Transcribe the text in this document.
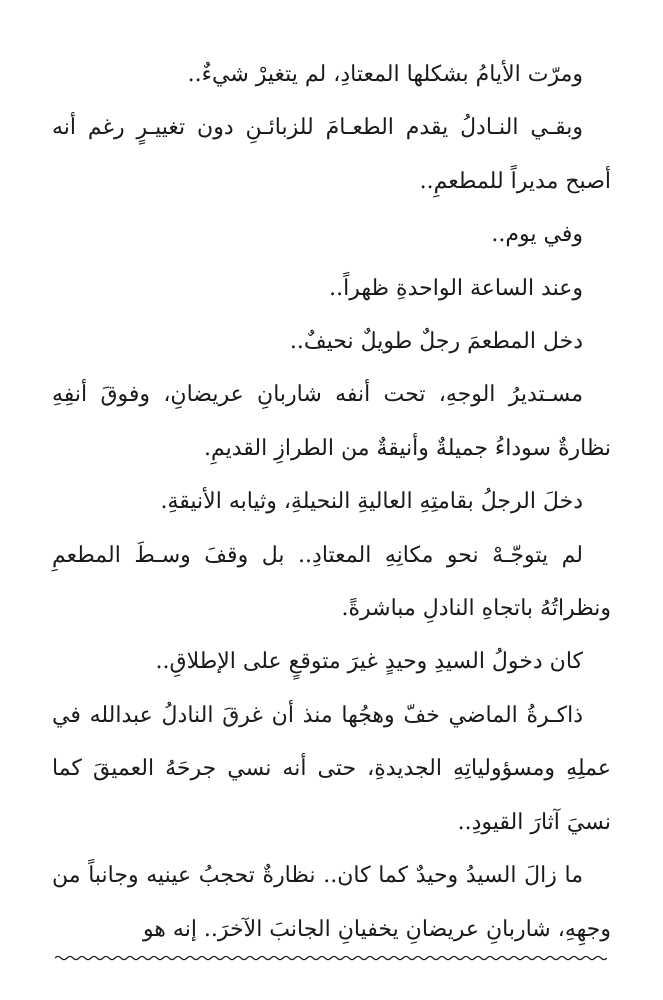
ومرّت الأيامُ بشكلها المعتادِ، لم يتغيرْ شيءٌ..

وبقـي النـادلُ يقدم الطعـامَ للزبائـنِ دون تغييـرٍ رغم أنه أصبح مديراً للمطعمِ..

وفي يوم..

وعند الساعة الواحدةِ ظهراً..

دخل المطعمَ رجلٌ طويلٌ نحيفٌ..

مسـتديرُ الوجهِ، تحت أنفه شاربانِ عريضانِ، وفوقَ أنفِهِ نظارةٌ سوداءُ جميلةٌ وأنيقةٌ من الطرازِ القديمِ.

دخلَ الرجلُ بقامتِهِ العاليةِ النحيلةِ، وثيابه الأنيقةِ.

لم يتوجّـهْ نحو مكانِهِ المعتادِ.. بل وقفَ وسـطَ المطعمِ ونظراتُهُ باتجاهِ النادلِ مباشرةً.

كان دخولُ السيدِ وحيدٍ غيرَ متوقعٍ على الإطلاقِ..

ذاكـرةُ الماضي خفّ وهجُها منذ أن غرقَ النادلُ عبدالله في عملِهِ ومسؤولياتِهِ الجديدةِ، حتى أنه نسي جرحَهُ العميقَ كما نسيَ آثارَ القيودِ..

ما زالَ السيدُ وحيدٌ كما كان.. نظارةٌ تحجبُ عينيه وجانباً من وجهِهِ، شاربانِ عريضانِ يخفيانِ الجانبَ الآخرَ.. إنه هو
